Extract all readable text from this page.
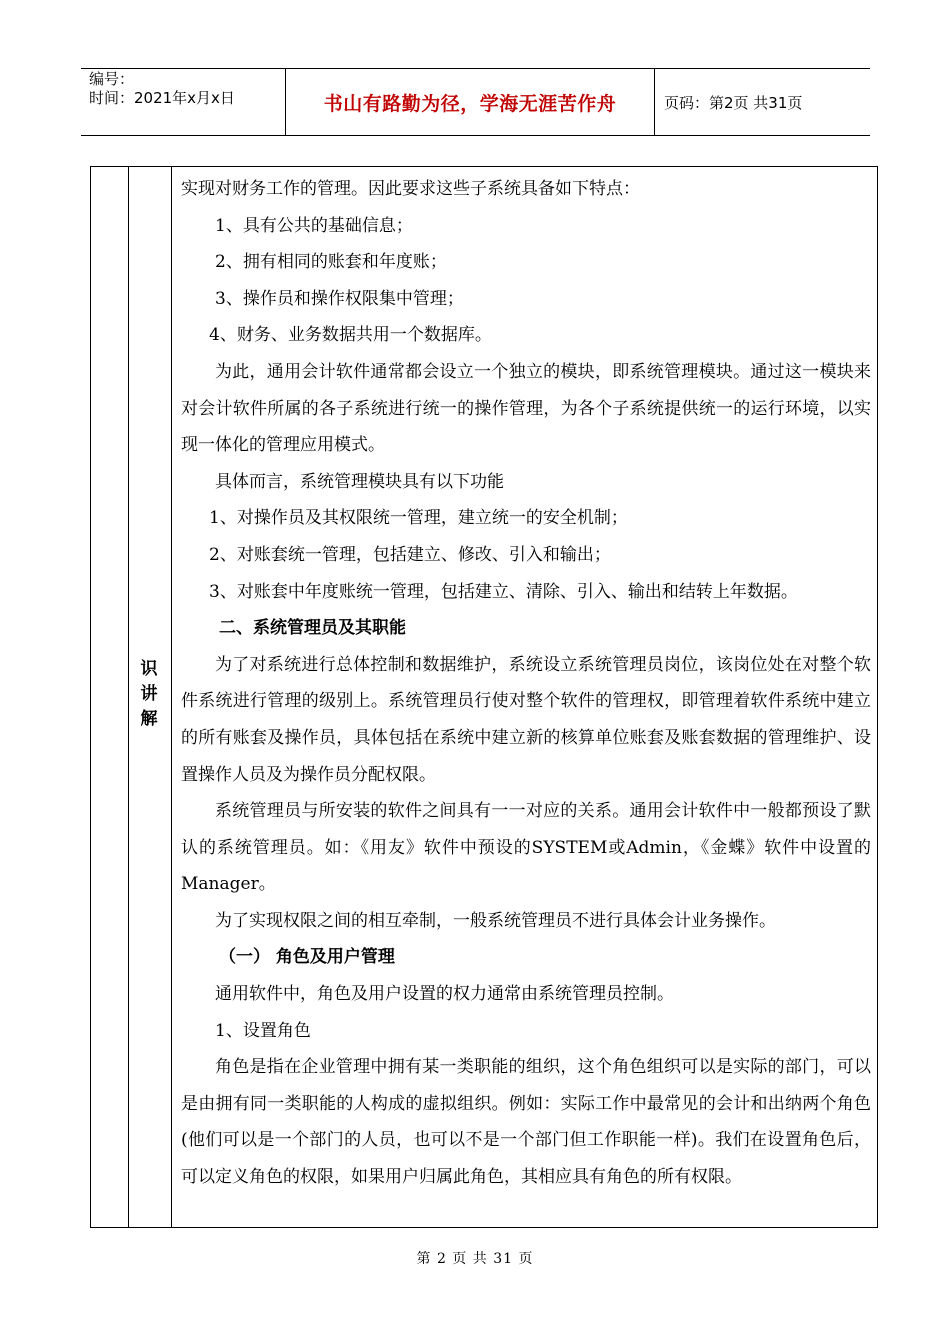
编号：
时间：2021年x月x日	书山有路勤为径，学海无涯苦作舟	页码：第2页 共31页
识
讲
解

实现对财务工作的管理。因此要求这些子系统具备如下特点：

1、具有公共的基础信息；

2、拥有相同的账套和年度账；

3、操作员和操作权限集中管理；

4、财务、业务数据共用一个数据库。

为此，通用会计软件通常都会设立一个独立的模块，即系统管理模块。通过这一模块来对会计软件所属的各子系统进行统一的操作管理，为各个子系统提供统一的运行环境，以实现一体化的管理应用模式。

具体而言，系统管理模块具有以下功能

1、对操作员及其权限统一管理，建立统一的安全机制；

2、对账套统一管理，包括建立、修改、引入和输出；

3、对账套中年度账统一管理，包括建立、清除、引入、输出和结转上年数据。

二、系统管理员及其职能

为了对系统进行总体控制和数据维护，系统设立系统管理员岗位，该岗位处在对整个软件系统进行管理的级别上。系统管理员行使对整个软件的管理权，即管理着软件系统中建立的所有账套及操作员，具体包括在系统中建立新的核算单位账套及账套数据的管理维护、设置操作人员及为操作员分配权限。

系统管理员与所安装的软件之间具有一一对应的关系。通用会计软件中一般都预设了默认的系统管理员。如：《用友》软件中预设的SYSTEM或Admin，《金蝶》软件中设置的Manager。

为了实现权限之间的相互牵制，一般系统管理员不进行具体会计业务操作。

（一） 角色及用户管理

通用软件中，角色及用户设置的权力通常由系统管理员控制。

1、设置角色

角色是指在企业管理中拥有某一类职能的组织，这个角色组织可以是实际的部门，可以是由拥有同一类职能的人构成的虚拟组织。例如：实际工作中最常见的会计和出纳两个角色(他们可以是一个部门的人员，也可以不是一个部门但工作职能一样)。我们在设置角色后，可以定义角色的权限，如果用户归属此角色，其相应具有角色的所有权限。

第 2 页 共 31 页
